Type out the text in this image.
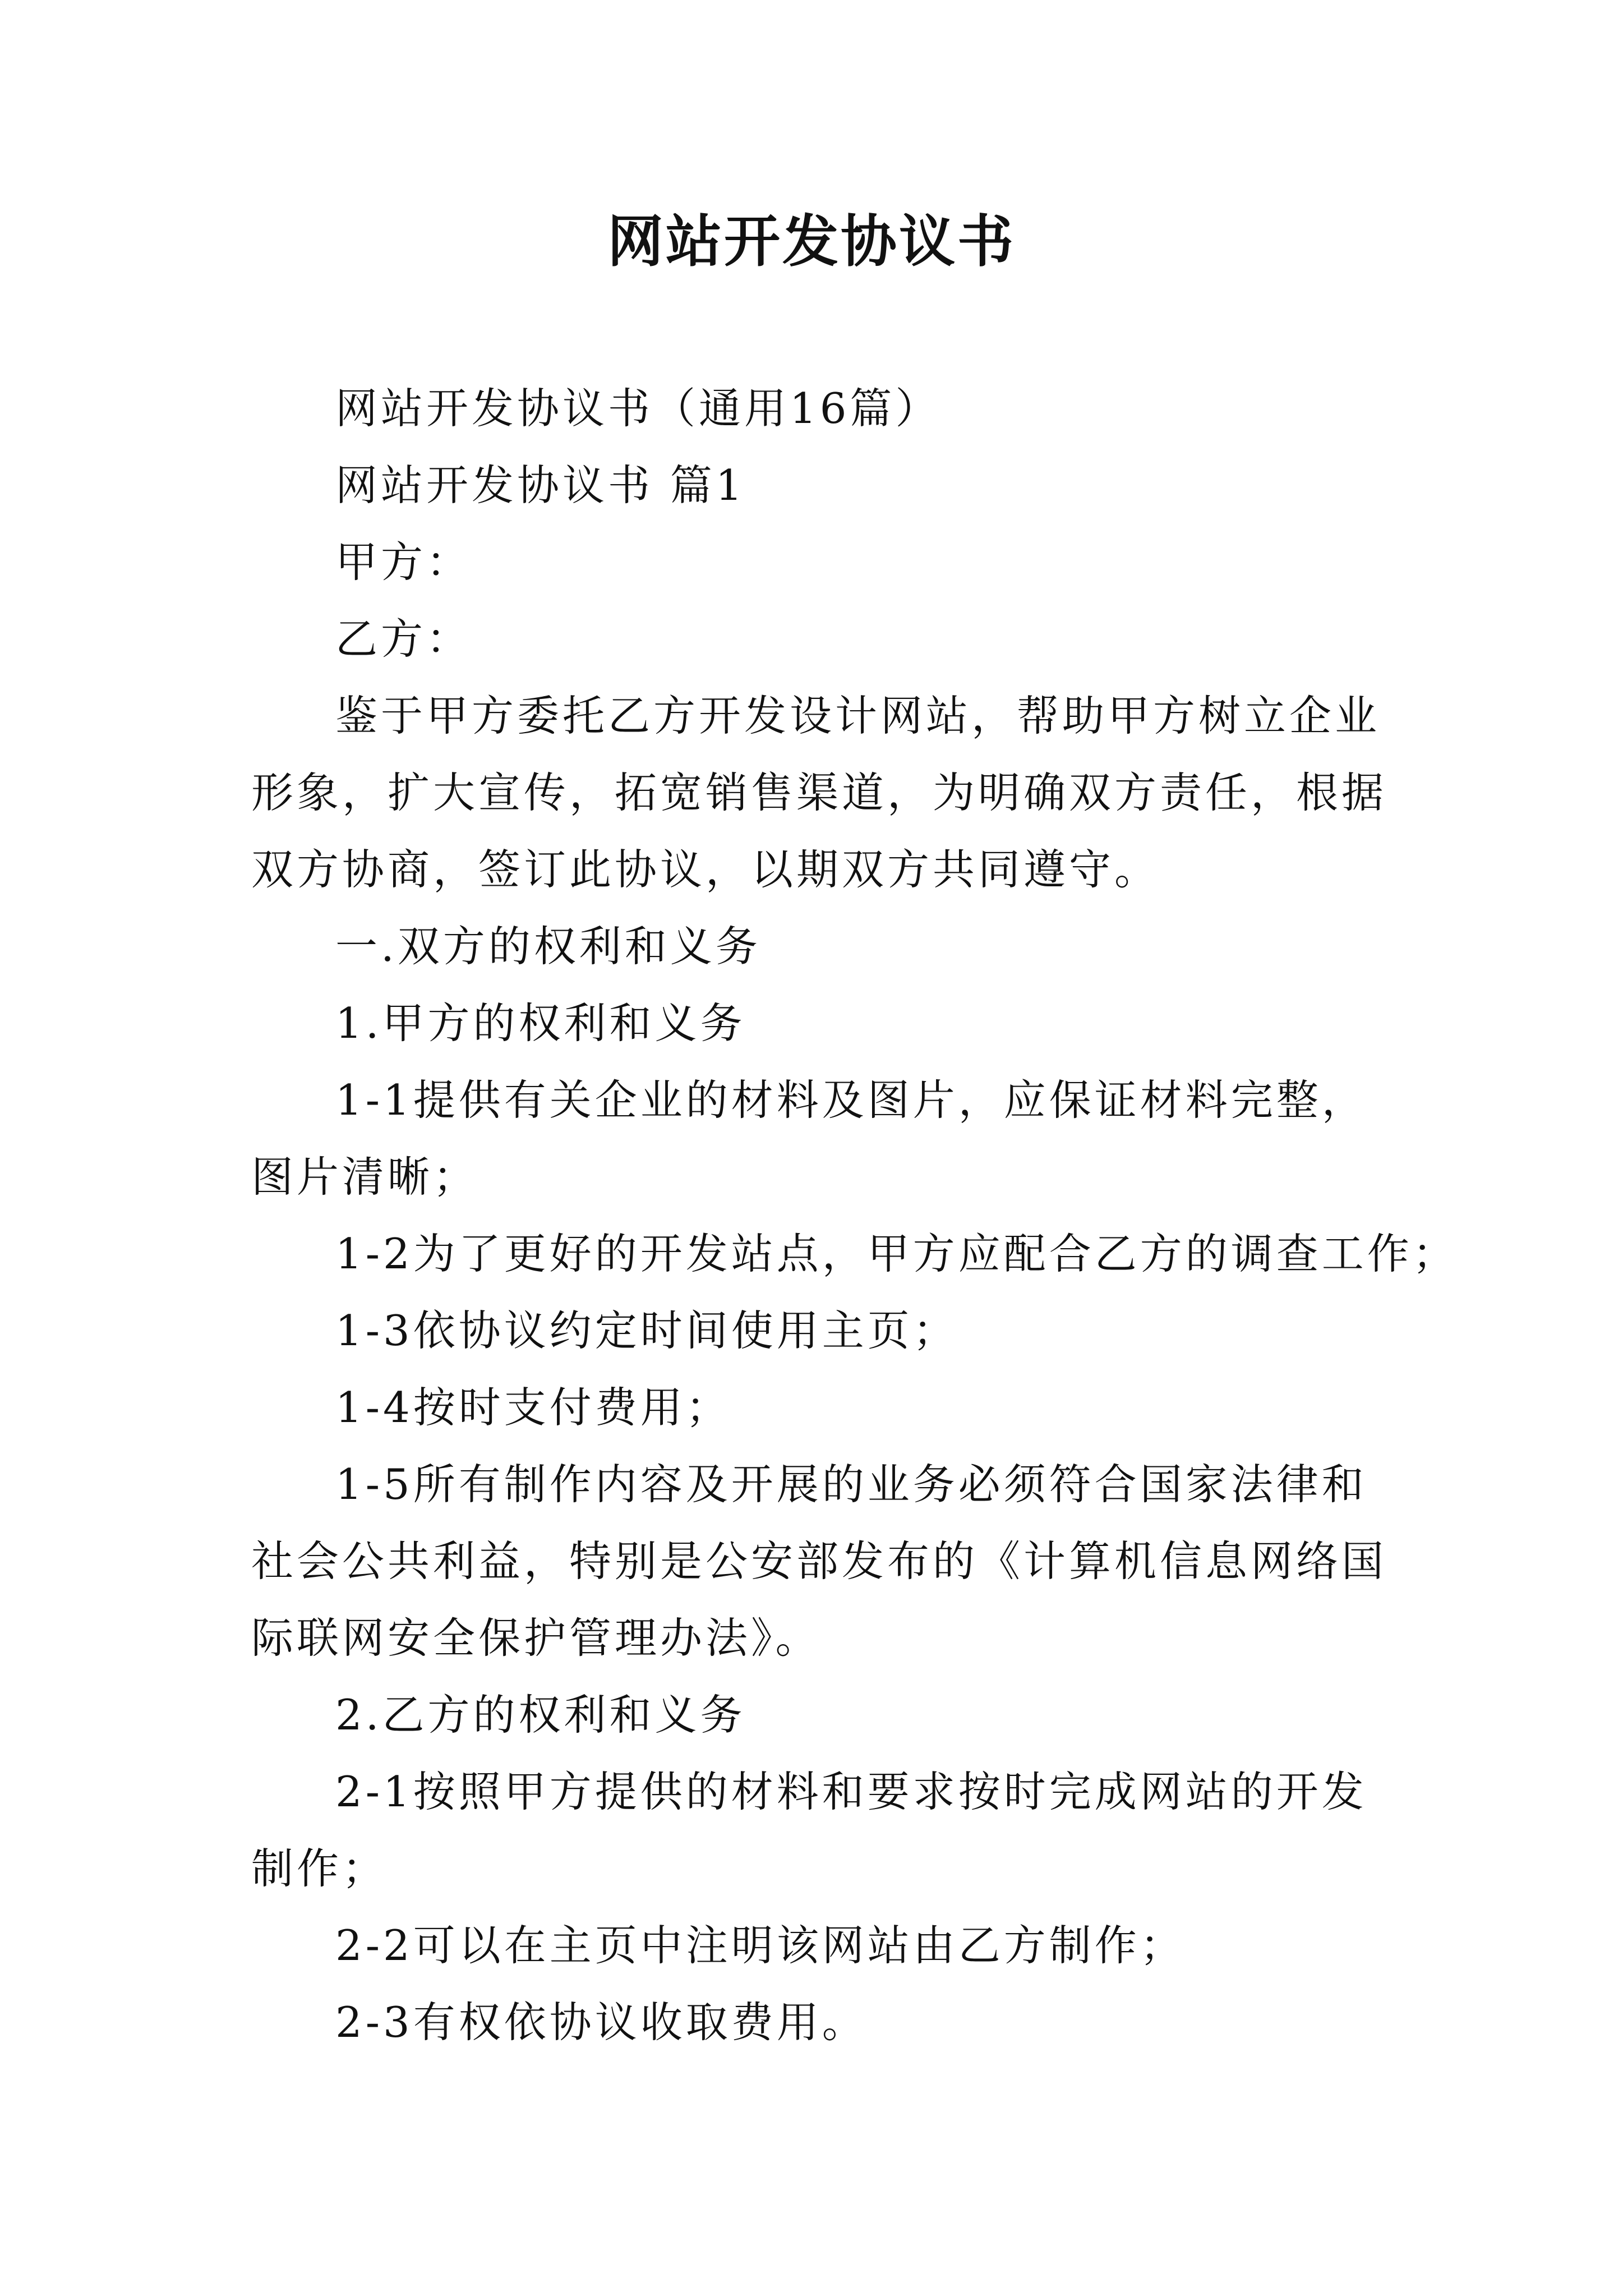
网站开发协议书

网站开发协议书（通用16篇）

网站开发协议书 篇1

甲方：

乙方：

鉴于甲方委托乙方开发设计网站，帮助甲方树立企业形象，扩大宣传，拓宽销售渠道，为明确双方责任，根据双方协商，签订此协议，以期双方共同遵守。

一.双方的权利和义务

1.甲方的权利和义务

1-1提供有关企业的材料及图片，应保证材料完整，图片清晰；

1-2为了更好的开发站点，甲方应配合乙方的调查工作；

1-3依协议约定时间使用主页；

1-4按时支付费用；

1-5所有制作内容及开展的业务必须符合国家法律和社会公共利益，特别是公安部发布的《计算机信息网络国际联网安全保护管理办法》。

2.乙方的权利和义务

2-1按照甲方提供的材料和要求按时完成网站的开发制作；

2-2可以在主页中注明该网站由乙方制作；

2-3有权依协议收取费用。
